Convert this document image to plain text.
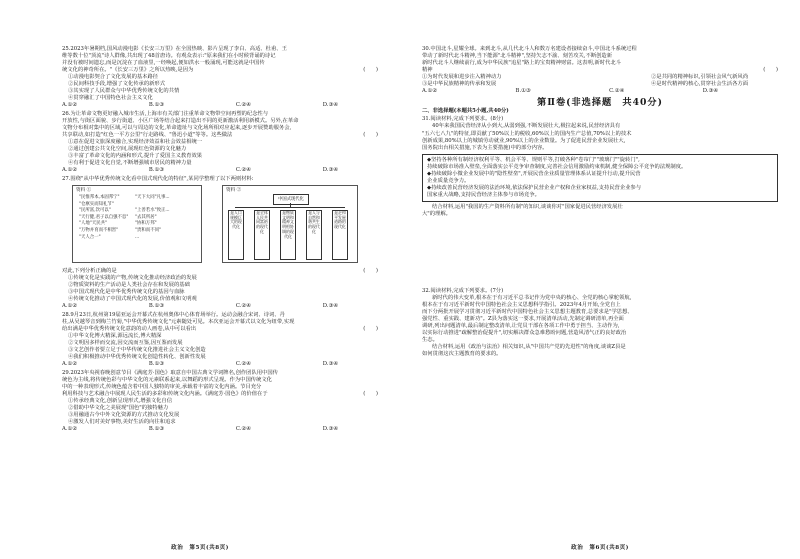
25.2023年暑期档,国风动漫电影《长安三万里》在全国热映、影片呈现了李白、高适、杜甫、王

维等数十位"顶流"诗人群像,共出现了48首唐诗。有观众表示:"原来我们在小时候背诵的诗记

并没有被时间遗忘,而是沉淀在了血液里,一经唤起,便如洪水一般涌现,可能这就是中国传

统文化的神奇所在。"《长安三万里》之所以热映,是因为	(　　)

①动漫电影契合了文化发展的基本路径

②民间科技手段,增强了文化传承的新形式

③其实现了人民群众与中华优秀传统文化的共情

④贯穿融汇了中国特色社会主义文化

A.①②	B.①③	C.②④	D.③④

26.为让革命文物更好融入城市生活,上海市有关部门注重革命文物带空间再塑的纪念性与

开放性,与街区面貌、步行街道、小区广场等结合起来打造出不同的更新激活利用新模式。另外,在革命

文物分布相对集中的区域,可以与周边的文化,革命遗址与文化场所相对应起来,逐步开展赞助服务会,

共享联动,如打造"红色一平方公里"行走路线、"鲁迅小道"等等。这些做法	(　　)

①意在促进文旅深度融合,实现经济效益和社会效益相统一

②通过创建公共文化空间,展现红色资源的文化魅力

③丰富了革命文化的内涵和形式,提升了爱国主义教育效果

④有利于促进文化自觉,不断增强城市居民的精神力量

A.①②	B.①③	C.②④	D.③④

27.围绕"从中华优秀传统文化看中国式现代化的特征",某同学整理了以下两则材料:

资料 ①
"民惟邦本,本固邦宁"	"天下大同"凡事...
"仓廪实而知礼节"
"民所富,饮可以"	"上善若水"致正...
"天行健,君子以自强不息" "去其所居"
"人地"天民共"	"协和万邦"
"万物并育而不相害"	"贵和而不同"
"天人合一"	...
资料 ②
中国式现代化
是人口规模巨大的现代化
是全体人民共同富裕的现代化
是物质文明和精神文明相协调的现代化
是人与自然和谐共生的现代化
是走和平发展道路的现代化
对此,下列分析正确的是	(　　)

①传统文化是实践的产物,传统文化推动经济政治的发展

②物质资料的生产活动是人类社会存在和发展的基础

③中国式现代化是中华优秀传统文化的基因与血脉

④传统文化推动了中国式现代化的发展,价值观和文明观

A.①②	B.①③	C.②④	D.③④

28.9月23日,杭州第19届亚运会开幕式在杭州奥体中心体育场举行。运动会融合宋词、诗词、丹

柱,从吴越琴音到梅兰竹菊,"中华优秀传统文化"元素随处可见。本次亚运会开幕式以文化为纽带,实现

给出满是中华优秀传统文化意韵的动人画卷,从中可以看出	(　　)

①中华文化博大精深,源远流长,博大精深

②文明因多样而交流,因交流而互鉴,因互鉴而发展

③文艺创作者要立足于中华传统文化推进社会主义文化创造

④我们积极推动中华优秀传统文化创造性转化、创新性发展

A.①②	B.①③	C.②④	D.③④

29.2023年央视春晚创意节目《满庭芳·国色》取意自中国古典文学词牌名,创作团队用中国传

统色为主线,将传统色彩与中华文化的元素联系起来,以舞蹈的形式呈现。作为中国传统文化

中的一种表现形式,传统色蕴含着中国人独特的审美,承载着丰富的文化内涵。节目充分

利用科技与艺术融合中展现人民生活的多彩和传统文化内涵。《满庭芳·国色》的价值在于	(　　)

①传承经典文化,创新呈现形式,增强文化自信

②借助中华文化之美展现"国色"的独特魅力

③用融通古今中外文化资源的方式推动文化发展

④激发人们对美好事物,美好生活的向往和追求

A.①②	B.①③	C.②④	D.③④
政治　第5页(共8页)

30.中国北斗,星耀全球。来到北斗,从几代北斗人和数万名建设者接续奋斗,中国北斗系统过程

带动了新时代北斗精神,当下能源"北斗精神",坚持矢志不渝、刻苦攻关,不断创造新

新时代北斗人继续前行,成为中华民族"追星"路上的宝贵精神财富。这表明,新时代北斗

精神	(　　)
①为时代发展和进步注入精神动力	②是共同的精神标识,引领社会风气新风尚
③是中华民族精神的传承和发展	④是时代精神的核心,贯穿社会生活各方面
A.①②	B.①③	C.②④	D.③④
第Ⅱ卷(非选择题　共40分)

二、非选择题(本题共5小题,共40分)

31.阅读材料,完成下列要求。(8分)

40年来我国民营经济从小到大,从弱到强,不断发展壮大,极拉起来说,民营经济具有

"五六七八九"的特征,即贡献了50%以上的税收,60%以上的国内生产总值,70%以上的技术

创新成果,80%以上的城镇劳动就业,90%以上的企业数量。为了促进民营企业发展壮大,

国务院出台相关措施,下表为主要措施)中的部分内容。

◆坚持各种所有制经济权利平等、机会平等、规则平等,打破各种"卷帘门""玻璃门""旋转门",

持续破除市场准入壁垒,全面落实公平竞争审查制度,完善社会信用激励约束机制,健全保障公平竞争的法规制度。

◆持续破除小微企业发展中的"隐性壁垒",开展民营企业质量管理体系认证提升行动,提升民营

企业质量竞争力。

◆持续改善民营经济发展的法治环境,依法保护民营企业产权和企业家权益,支持民营企业参与

国家重大战略,支持民营经济主体参与市场竞争。

结合材料,运用"我国的生产资料所有制"的知识,谈谈你对"国家促进民营经济发展壮

大"的理解。

32.阅读材料,完成下列要求。(7分)

新时代的伟大变革,根本在于有习近平总书记作为党中央的核心、全党的核心掌舵领航,

根本在于有习近平新时代中国特色社会主义思想科学指引。2023年4月开始,全党自上

而下分两批开展学习贯彻习近平新时代中国特色社会主义思想主题教育,总要求是"学思想、

强党性、重实践、建新功"。Z县为落实这一要求,开展清单活动,先制定调研清单,再全面

调研,列出问题清单,最后制定整改清单,让党员干部在各项工作中勇于担当、主动作为,

以实际行动推进"疏解整治促提升",切实解决群众急难愁盼问题,营造风清气正的良好政治

生态。

结合材料,运用《政治与法治》相关知识,从"中国共产党的先进性"的角度,谈谈Z县是

如何贯彻这次主题教育的要求的。

政治　第6页(共8页)
